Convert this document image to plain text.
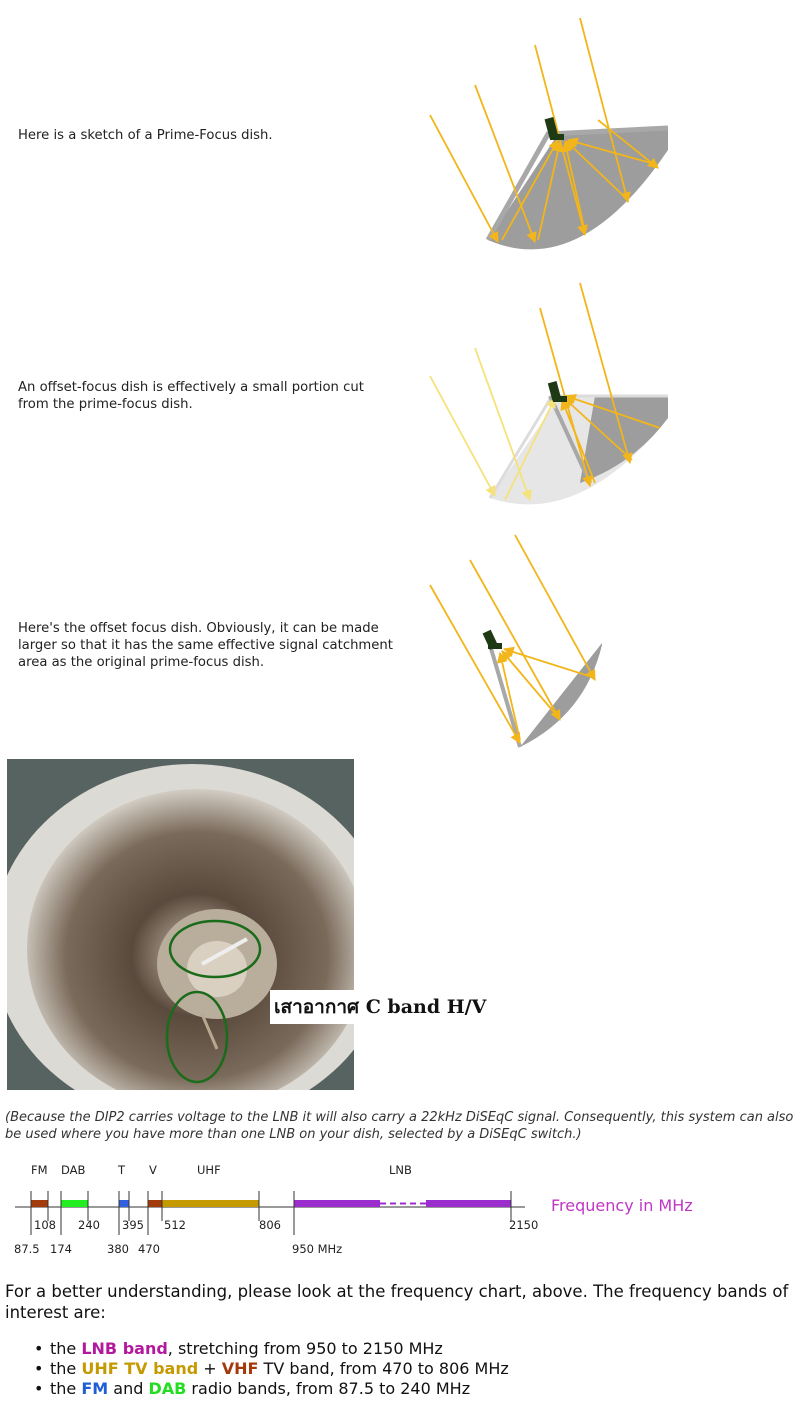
Here is a sketch of a Prime-Focus dish.
An offset-focus dish is effectively a small portion cut from the prime-focus dish.
Here's the offset focus dish. Obviously, it can be made larger so that it has the same effective signal catchment area as the original prime-focus dish.
เสาอากาศ C band H/V
(Because the DIP2 carries voltage to the LNB it will also carry a 22kHz DiSEqC signal. Consequently, this system can also be used where you have more than one LNB on your dish, selected by a DiSEqC switch.)
FM DAB	T V	UHF	LNB
108 240 395 512	806	2150
87.5 174	380 470	950 MHz
Frequency in MHz
For a better understanding, please look at the frequency chart, above. The frequency bands of interest are:
• the LNB band, stretching from 950 to 2150 MHz
• the UHF TV band + VHF TV band, from 470 to 806 MHz
• the FM and DAB radio bands, from 87.5 to 240 MHz
